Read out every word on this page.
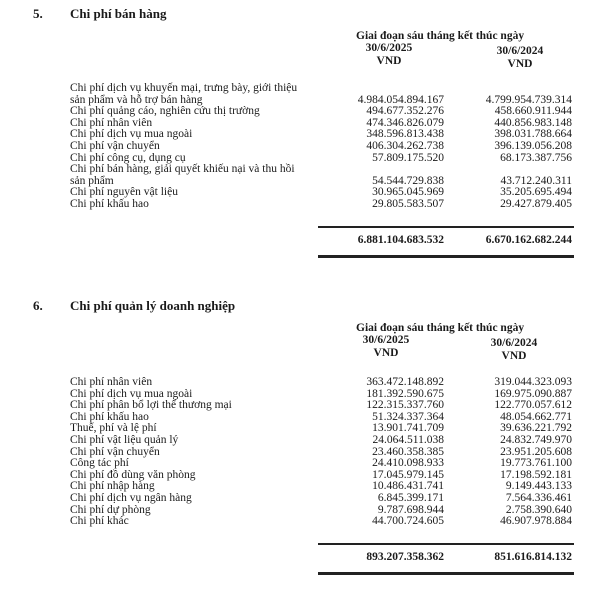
5. Chi phí bán hàng
Giai đoạn sáu tháng kết thúc ngày
30/6/2025	30/6/2024
VND	VND
Chi phí dịch vụ khuyến mại, trưng bày, giới thiệu
sản phẩm và hỗ trợ bán hàng	4.984.054.894.167	4.799.954.739.314
Chi phí quảng cáo, nghiên cứu thị trường	494.677.352.276	458.660.911.944
Chi phí nhân viên	474.346.826.079	440.856.983.148
Chi phí dịch vụ mua ngoài	348.596.813.438	398.031.788.664
Chi phí vận chuyển	406.304.262.738	396.139.056.208
Chi phí công cụ, dụng cụ	57.809.175.520	68.173.387.756
Chi phí bán hàng, giải quyết khiếu nại và thu hồi
sản phẩm	54.544.729.838	43.712.240.311
Chi phí nguyên vật liệu	30.965.045.969	35.205.695.494
Chi phí khấu hao	29.805.583.507	29.427.879.405
6.881.104.683.532	6.670.162.682.244
6. Chi phí quản lý doanh nghiệp
Giai đoạn sáu tháng kết thúc ngày
30/6/2025	30/6/2024
VND	VND
Chi phí nhân viên	363.472.148.892	319.044.323.093
Chi phí dịch vụ mua ngoài	181.392.590.675	169.975.090.887
Chi phí phân bổ lợi thế thương mại	122.315.337.760	122.770.057.612
Chi phí khấu hao	51.324.337.364	48.054.662.771
Thuế, phí và lệ phí	13.901.741.709	39.636.221.792
Chi phí vật liệu quản lý	24.064.511.038	24.832.749.970
Chi phí vận chuyển	23.460.358.385	23.951.205.608
Công tác phí	24.410.098.933	19.773.761.100
Chi phí đồ dùng văn phòng	17.045.979.145	17.198.592.181
Chi phí nhập hàng	10.486.431.741	9.149.443.133
Chi phí dịch vụ ngân hàng	6.845.399.171	7.564.336.461
Chi phí dự phòng	9.787.698.944	2.758.390.640
Chi phí khác	44.700.724.605	46.907.978.884
893.207.358.362	851.616.814.132
